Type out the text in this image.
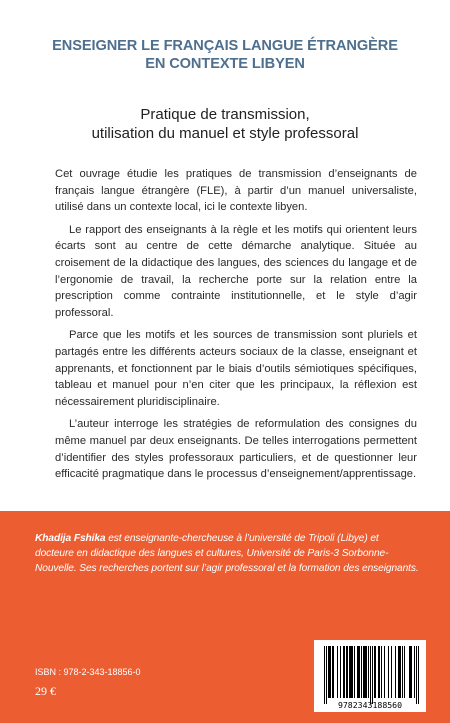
ENSEIGNER LE FRANÇAIS LANGUE ÉTRANGÈRE
EN CONTEXTE LIBYEN
Pratique de transmission,
utilisation du manuel et style professoral

Cet ouvrage étudie les pratiques de transmission d’enseignants de français langue étrangère (FLE), à partir d’un manuel universaliste, utilisé dans un contexte local, ici le contexte libyen.

Le rapport des enseignants à la règle et les motifs qui orientent leurs écarts sont au centre de cette démarche analytique. Située au croisement de la didactique des langues, des sciences du langage et de l’ergonomie de travail, la recherche porte sur la relation entre la prescription comme contrainte institutionnelle, et le style d’agir professoral.

Parce que les motifs et les sources de transmission sont pluriels et partagés entre les différents acteurs sociaux de la classe, enseignant et apprenants, et fonctionnent par le biais d’outils sémiotiques spécifiques, tableau et manuel pour n’en citer que les principaux, la réflexion est nécessairement pluridisciplinaire.

L’auteur interroge les stratégies de reformulation des consignes du même manuel par deux enseignants. De telles interrogations permettent d’identifier des styles professoraux particuliers, et de questionner leur efficacité pragmatique dans le processus d’enseignement/apprentissage.

Khadija Fshika est enseignante-chercheuse à l’université de Tripoli (Libye) et docteure en didactique des langues et cultures, Université de Paris-3 Sorbonne-Nouvelle. Ses recherches portent sur l’agir professoral et la formation des enseignants.
ISBN : 978-2-343-18856-0
29 €
9782343188560
